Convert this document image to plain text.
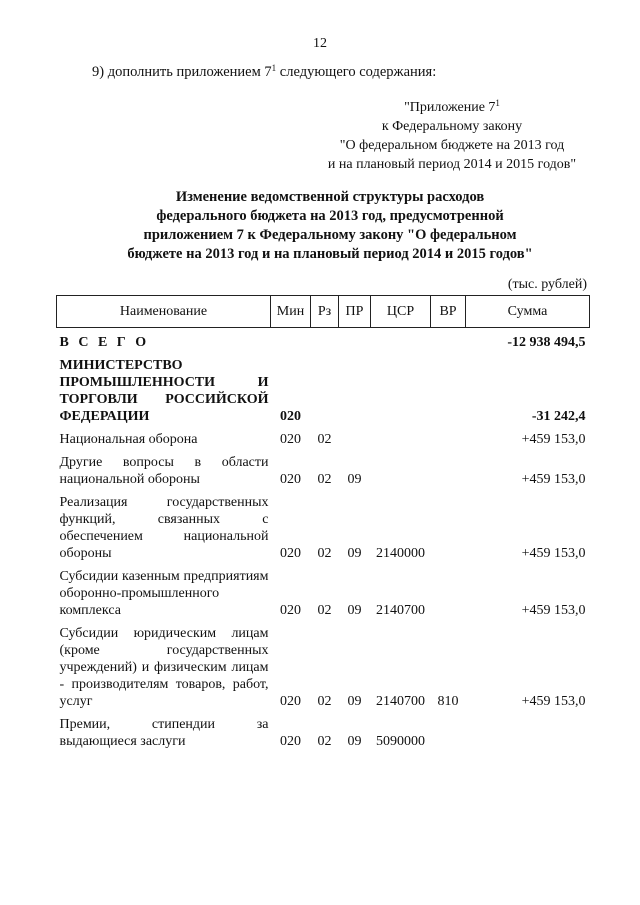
12
9) дополнить приложением $7^1$ следующего содержания:
"Приложение $7^1$
к Федеральному закону
"О федеральном бюджете на 2013 год
и на плановый период 2014 и 2015 годов"
Изменение ведомственной структуры расходов
федерального бюджета на 2013 год, предусмотренной
приложением 7 к Федеральному закону "О федеральном
бюджете на 2013 год и на плановый период 2014 и 2015 годов"
(тыс. рублей)
Наименование	Мин	Рз	ПР	ЦСР	ВР	Сумма

В С Е Г О						-12 938 494,5

МИНИСТЕРСТВО ПРОМЫШЛЕННОСТИ И ТОРГОВЛИ РОССИЙСКОЙ ФЕДЕРАЦИИ	020					-31 242,4

Национальная оборона	020	02				+459 153,0

Другие вопросы в области национальной обороны	020	02	09			+459 153,0

Реализация государственных функций, связанных с обеспечением национальной обороны	020	02	09	2140000		+459 153,0

Субсидии казенным предприятиям оборонно-промышленного комплекса	020	02	09	2140700		+459 153,0

Субсидии юридическим лицам (кроме государственных учреждений) и физическим лицам - производителям товаров, работ, услуг	020	02	09	2140700	810	+459 153,0

Премии, стипендии за выдающиеся заслуги	020	02	09	5090000		
